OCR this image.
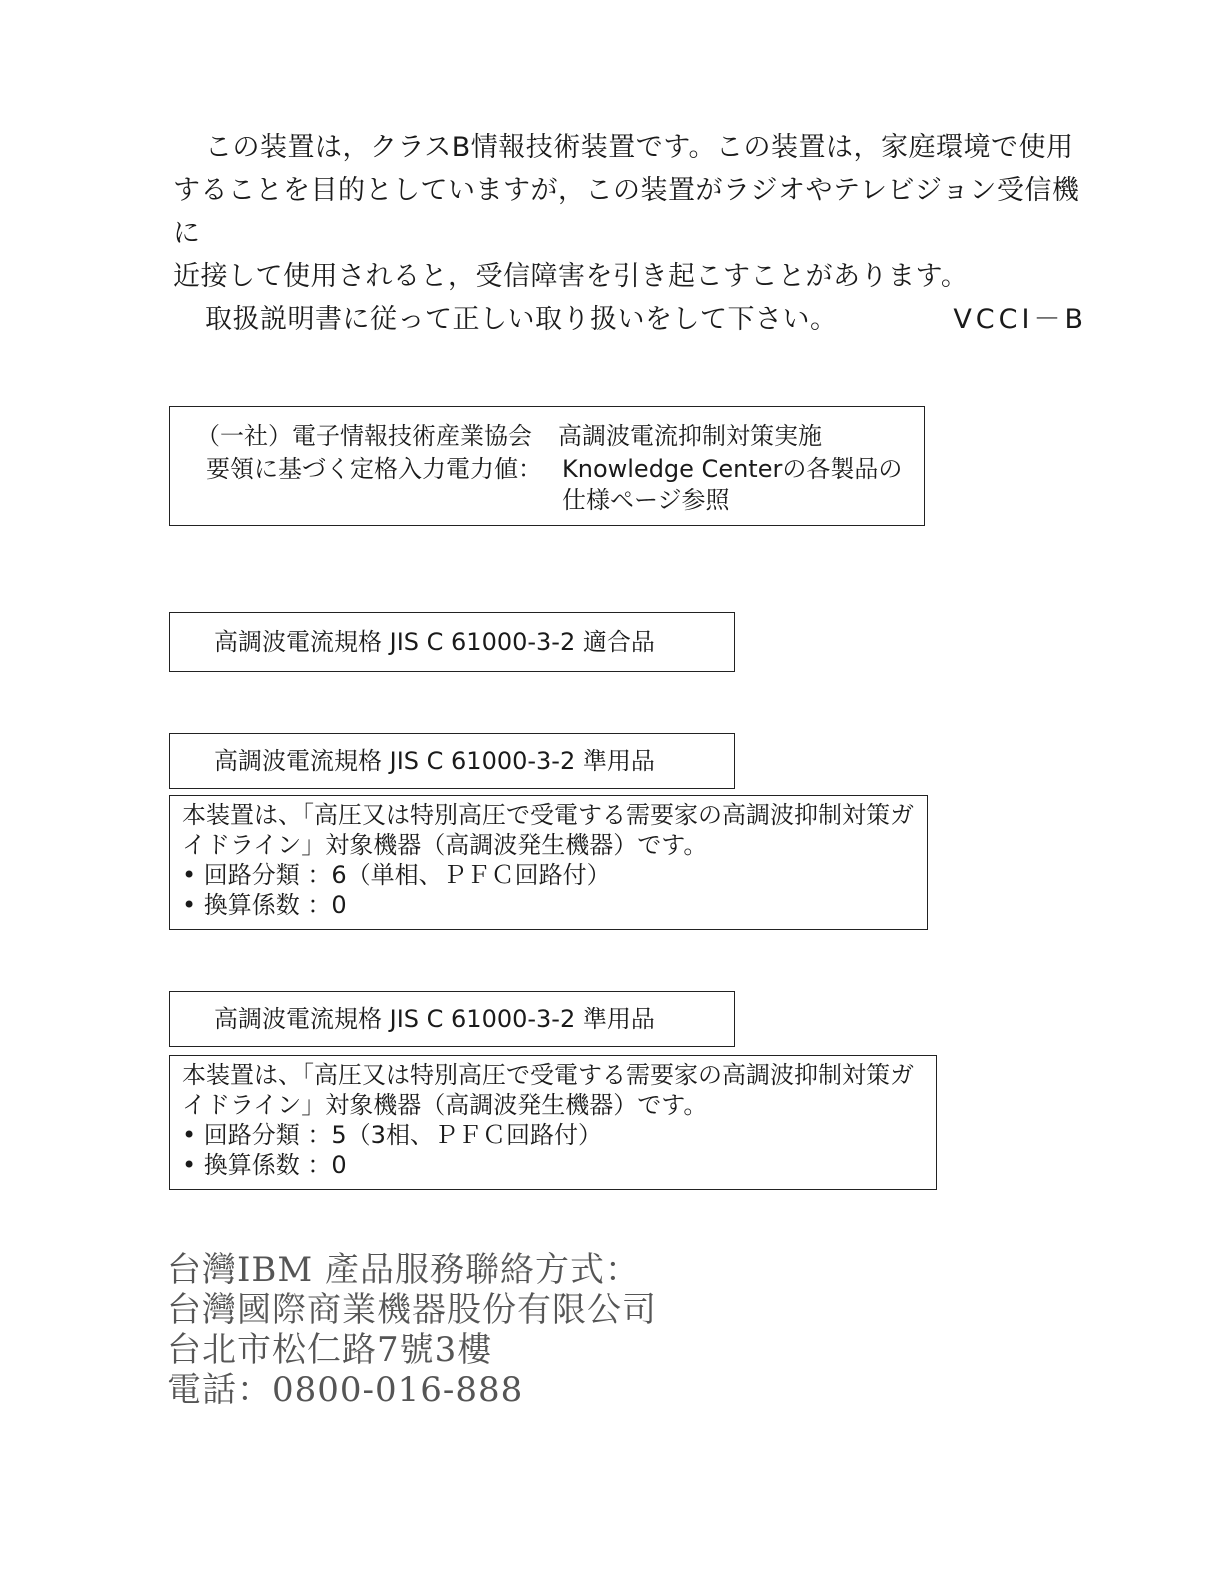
この装置は，クラスB情報技術装置です。この装置は，家庭環境で使用

することを目的としていますが，この装置がラジオやテレビジョン受信機に

近接して使用されると，受信障害を引き起こすことがあります。

取扱説明書に従って正しい取り扱いをして下さい。	VCCI－B

（一社）電子情報技術産業協会 高調波電流抑制対策実施
要領に基づく定格入力電力値： Knowledge Centerの各製品の仕様ページ参照
高調波電流規格 JIS C 61000-3-2 適合品
高調波電流規格 JIS C 61000-3-2 準用品

本装置は、「高圧又は特別高圧で受電する需要家の高調波抑制対策ガイドライン」対象機器（高調波発生機器）です。

• 回路分類 ：6（単相、ＰＦＣ回路付）

• 換算係数 ：0

高調波電流規格 JIS C 61000-3-2 準用品

本装置は、「高圧又は特別高圧で受電する需要家の高調波抑制対策ガイドライン」対象機器（高調波発生機器）です。

• 回路分類 ：5（3相、ＰＦＣ回路付）

• 換算係数 ：0

台灣IBM 產品服務聯絡方式：

台灣國際商業機器股份有限公司

台北市松仁路7號3樓

電話：0800-016-888
